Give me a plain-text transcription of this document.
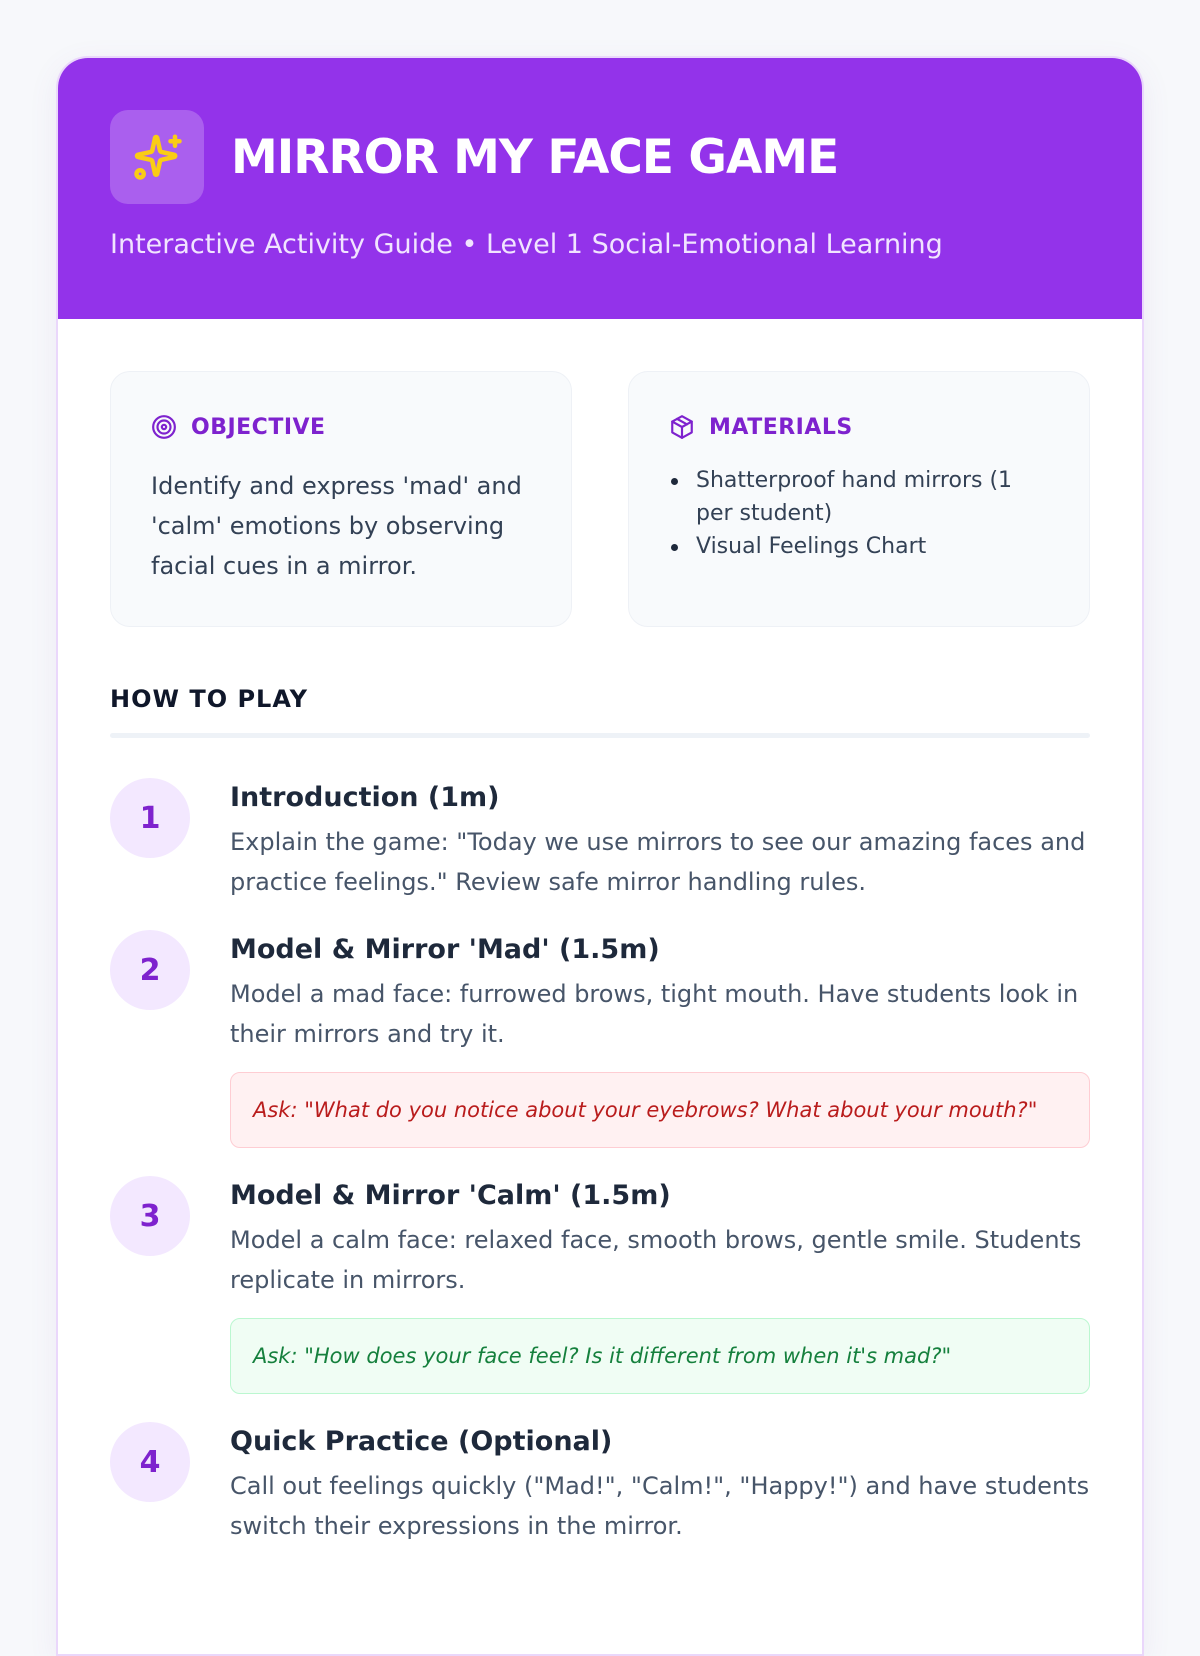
MIRROR MY FACE GAME

Interactive Activity Guide • Level 1 Social-Emotional Learning

OBJECTIVE

Identify and express 'mad' and 'calm' emotions by observing facial cues in a mirror.

MATERIALS
Shatterproof hand mirrors (1 per student)
Visual Feelings Chart
HOW TO PLAY
1
Introduction (1m)

Explain the game: "Today we use mirrors to see our amazing faces and practice feelings." Review safe mirror handling rules.

2
Model & Mirror 'Mad' (1.5m)

Model a mad face: furrowed brows, tight mouth. Have students look in their mirrors and try it.

Ask: "What do you notice about your eyebrows? What about your mouth?"
3
Model & Mirror 'Calm' (1.5m)

Model a calm face: relaxed face, smooth brows, gentle smile. Students replicate in mirrors.

Ask: "How does your face feel? Is it different from when it's mad?"
4
Quick Practice (Optional)

Call out feelings quickly ("Mad!", "Calm!", "Happy!") and have students switch their expressions in the mirror.
